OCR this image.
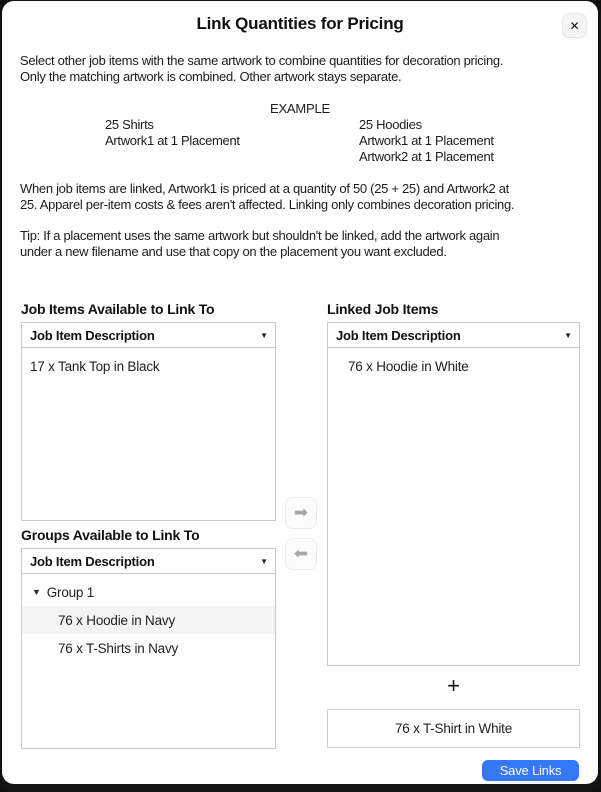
Link Quantities for Pricing	✕
Select other job items with the same artwork to combine quantities for decoration pricing.
Only the matching artwork is combined. Other artwork stays separate.
EXAMPLE
25 Shirts
Artwork1 at 1 Placement
25 Hoodies
Artwork1 at 1 Placement
Artwork2 at 1 Placement
When job items are linked, Artwork1 is priced at a quantity of 50 (25 + 25) and Artwork2 at
25. Apparel per-item costs & fees aren't affected. Linking only combines decoration pricing.
Tip: If a placement uses the same artwork but shouldn't be linked, add the artwork again
under a new filename and use that copy on the placement you want excluded.
Job Items Available to Link To
Job Item Description	▼
17 x Tank Top in Black
Linked Job Items
Job Item Description	▼
76 x Hoodie in White
➡
⬅
Groups Available to Link To
Job Item Description	▼
▼ Group 1
76 x Hoodie in Navy
76 x T-Shirts in Navy
+
76 x T-Shirt in White
Save Links
